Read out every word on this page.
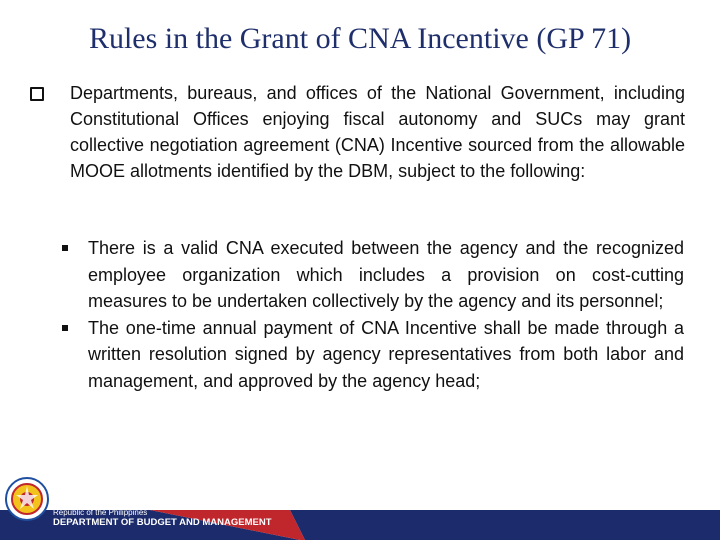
Rules in the Grant of CNA Incentive (GP 71)
Departments, bureaus, and offices of the National Government, including Constitutional Offices enjoying fiscal autonomy and SUCs may grant collective negotiation agreement (CNA) Incentive sourced from the allowable MOOE allotments identified by the DBM, subject to the following:
There is a valid CNA executed between the agency and the recognized employee organization which includes a provision on cost-cutting measures to be undertaken collectively by the agency and its personnel;
The one-time annual payment of CNA Incentive shall be made through a written resolution signed by agency representatives from both labor and management, and approved by the agency head;
Republic of the Philippines
DEPARTMENT OF BUDGET AND MANAGEMENT
